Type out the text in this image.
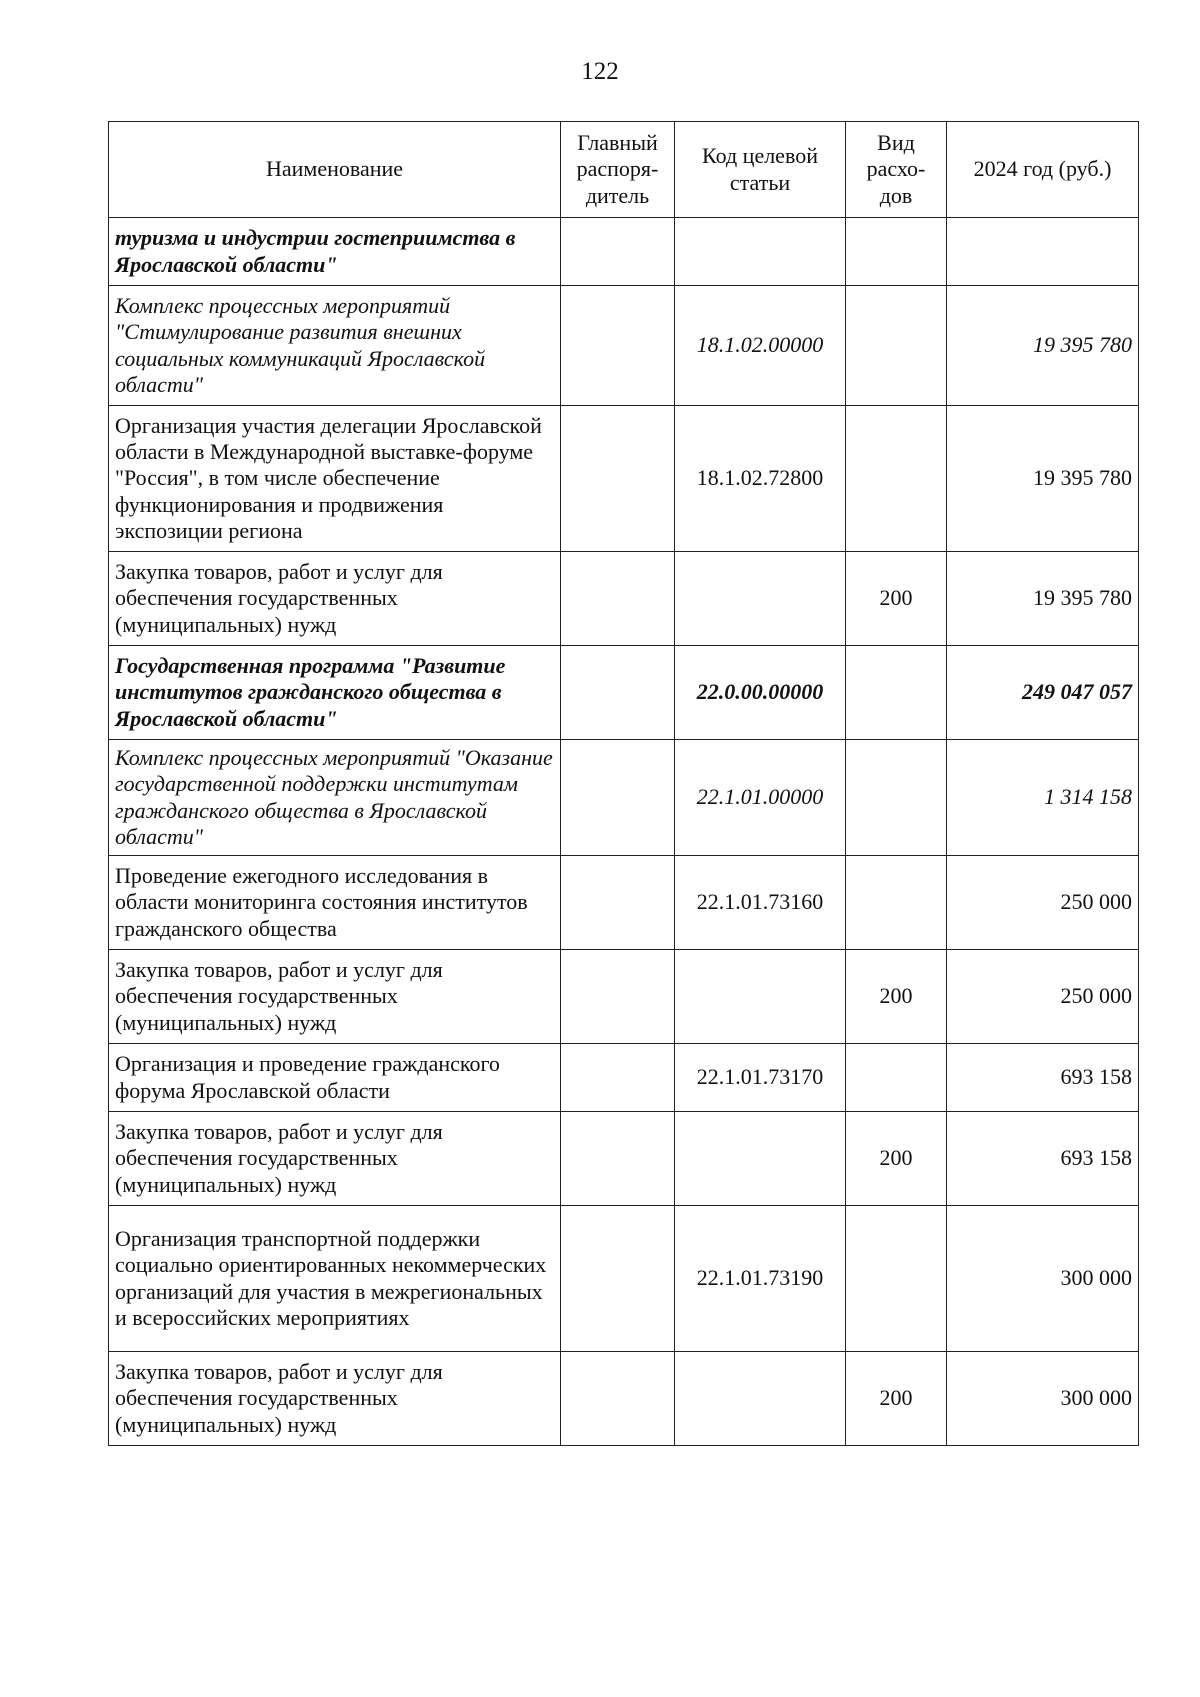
122
Наименование	Главный распоря-дитель	Код целевой статьи	Вид расхо-дов	2024 год (руб.)
туризма и индустрии гостеприимства в Ярославской области"				
Комплекс процессных мероприятий "Стимулирование развития внешних социальных коммуникаций Ярославской области"		18.1.02.00000		19 395 780
Организация участия делегации Ярославской области в Международной выставке-форуме "Россия", в том числе обеспечение функционирования и продвижения экспозиции региона		18.1.02.72800		19 395 780
Закупка товаров, работ и услуг для обеспечения государственных (муниципальных) нужд			200	19 395 780
Государственная программа "Развитие институтов гражданского общества в Ярославской области"		22.0.00.00000		249 047 057
Комплекс процессных мероприятий "Оказание государственной поддержки институтам гражданского общества в Ярославской области"		22.1.01.00000		1 314 158
Проведение ежегодного исследования в области мониторинга состояния институтов гражданского общества		22.1.01.73160		250 000
Закупка товаров, работ и услуг для обеспечения государственных (муниципальных) нужд			200	250 000
Организация и проведение гражданского форума Ярославской области		22.1.01.73170		693 158
Закупка товаров, работ и услуг для обеспечения государственных (муниципальных) нужд			200	693 158
Организация транспортной поддержки социально ориентированных некоммерческих организаций для участия в межрегиональных и всероссийских мероприятиях		22.1.01.73190		300 000
Закупка товаров, работ и услуг для обеспечения государственных (муниципальных) нужд			200	300 000
